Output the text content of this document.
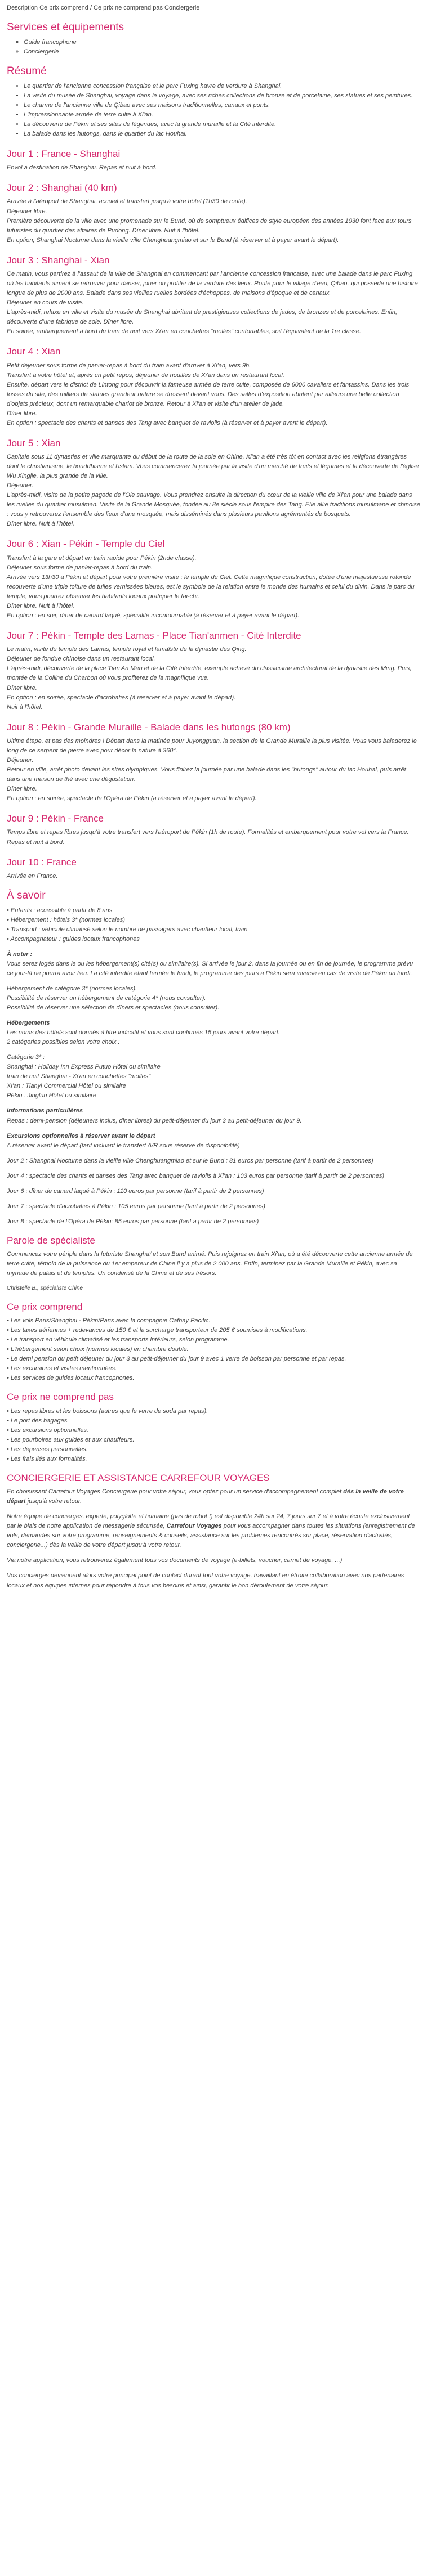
Description Ce prix comprend / Ce prix ne comprend pas Conciergerie
Services et équipements
◦ Guide francophone
◦ Conciergerie
Résumé
• Le quartier de l'ancienne concession française et le parc Fuxing havre de verdure à Shanghai.
• La visite du musée de Shanghai, voyage dans le voyage, avec ses riches collections de bronze et de porcelaine, ses statues et ses peintures.
• Le charme de l'ancienne ville de Qibao avec ses maisons traditionnelles, canaux et ponts.
• L'impressionnante armée de terre cuite à Xi'an.
• La découverte de Pékin et ses sites de légendes, avec la grande muraille et la Cité interdite.
• La balade dans les hutongs, dans le quartier du lac Houhai.
Jour 1 : France - Shanghai
Envol à destination de Shanghai. Repas et nuit à bord.
Jour 2 : Shanghai (40 km)
Arrivée à l'aéroport de Shanghai, accueil et transfert jusqu'à votre hôtel (1h30 de route).
Déjeuner libre.
Première découverte de la ville avec une promenade sur le Bund, où de somptueux édifices de style européen des années 1930 font face aux tours futuristes du quartier des affaires de Pudong. Dîner libre. Nuit à l'hôtel.
En option, Shanghai Nocturne dans la vieille ville Chenghuangmiao et sur le Bund (à réserver et à payer avant le départ).
Jour 3 : Shanghai - Xian
Ce matin, vous partirez à l'assaut de la ville de Shanghai en commençant par l'ancienne concession française, avec une balade dans le parc Fuxing où les habitants aiment se retrouver pour danser, jouer ou profiter de la verdure des lieux. Route pour le village d'eau, Qibao, qui possède une histoire longue de plus de 2000 ans. Balade dans ses vieilles ruelles bordées d'échoppes, de maisons d'époque et de canaux.
Déjeuner en cours de visite.
L'après-midi, relaxe en ville et visite du musée de Shanghai abritant de prestigieuses collections de jades, de bronzes et de porcelaines. Enfin, découverte d'une fabrique de soie. Dîner libre.
En soirée, embarquement à bord du train de nuit vers Xi'an en couchettes "molles" confortables, soit l'équivalent de la 1re classe.
Jour 4 : Xian
Petit déjeuner sous forme de panier-repas à bord du train avant d'arriver à Xi'an, vers 9h.
Transfert à votre hôtel et, après un petit repos, déjeuner de nouilles de Xi'an dans un restaurant local.
Ensuite, départ vers le district de Lintong pour découvrir la fameuse armée de terre cuite, composée de 6000 cavaliers et fantassins. Dans les trois fosses du site, des milliers de statues grandeur nature se dressent devant vous. Des salles d'exposition abritent par ailleurs une belle collection d'objets précieux, dont un remarquable chariot de bronze. Retour à Xi'an et visite d'un atelier de jade.
Dîner libre.
En option : spectacle des chants et danses des Tang avec banquet de raviolis (à réserver et à payer avant le départ).
Jour 5 : Xian
Capitale sous 11 dynasties et ville marquante du début de la route de la soie en Chine, Xi'an a été très tôt en contact avec les religions étrangères dont le christianisme, le bouddhisme et l'islam. Vous commencerez la journée par la visite d'un marché de fruits et légumes et la découverte de l'église Wu Xingjie, la plus grande de la ville.
Déjeuner.
L'après-midi, visite de la petite pagode de l'Oie sauvage. Vous prendrez ensuite la direction du cœur de la vieille ville de Xi'an pour une balade dans les ruelles du quartier musulman. Visite de la Grande Mosquée, fondée au 8e siècle sous l'empire des Tang. Elle allie traditions musulmane et chinoise : vous y retrouverez l'ensemble des lieux d'une mosquée, mais disséminés dans plusieurs pavillons agrémentés de bosquets.
Dîner libre. Nuit à l'hôtel.
Jour 6 : Xian - Pékin - Temple du Ciel
Transfert à la gare et départ en train rapide pour Pékin (2nde classe).
Déjeuner sous forme de panier-repas à bord du train.
Arrivée vers 13h30 à Pékin et départ pour votre première visite : le temple du Ciel. Cette magnifique construction, dotée d'une majestueuse rotonde recouverte d'une triple toiture de tuiles vernissées bleues, est le symbole de la relation entre le monde des humains et celui du divin. Dans le parc du temple, vous pourrez observer les habitants locaux pratiquer le tai-chi.
Dîner libre. Nuit à l'hôtel.
En option : en soir, dîner de canard laqué, spécialité incontournable (à réserver et à payer avant le départ).
Jour 7 : Pékin - Temple des Lamas - Place Tian'anmen - Cité Interdite
Le matin, visite du temple des Lamas, temple royal et lamaïste de la dynastie des Qing.
Déjeuner de fondue chinoise dans un restaurant local.
L'après-midi, découverte de la place Tian'An Men et de la Cité Interdite, exemple achevé du classicisme architectural de la dynastie des Ming. Puis, montée de la Colline du Charbon où vous profiterez de la magnifique vue.
Dîner libre.
En option : en soirée, spectacle d'acrobaties (à réserver et à payer avant le départ).
Nuit à l'hôtel.
Jour 8 : Pékin - Grande Muraille - Balade dans les hutongs (80 km)
Ultime étape, et pas des moindres ! Départ dans la matinée pour Juyongguan, la section de la Grande Muraille la plus visitée. Vous vous baladerez le long de ce serpent de pierre avec pour décor la nature à 360°.
Déjeuner.
Retour en ville, arrêt photo devant les sites olympiques. Vous finirez la journée par une balade dans les "hutongs" autour du lac Houhai, puis arrêt dans une maison de thé avec une dégustation.
Dîner libre.
En option : en soirée, spectacle de l'Opéra de Pékin (à réserver et à payer avant le départ).
Jour 9 : Pékin - France
Temps libre et repas libres jusqu'à votre transfert vers l'aéroport de Pékin (1h de route). Formalités et embarquement pour votre vol vers la France. Repas et nuit à bord.
Jour 10 : France
Arrivée en France.
À savoir
• Enfants : accessible à partir de 8 ans
• Hébergement : hôtels 3* (normes locales)
• Transport : véhicule climatisé selon le nombre de passagers avec chauffeur local, train
• Accompagnateur : guides locaux francophones
À noter :
Vous serez logés dans le ou les hébergement(s) cité(s) ou similaire(s). Si arrivée le jour 2, dans la journée ou en fin de journée, le programme prévu ce jour-là ne pourra avoir lieu. La cité interdite étant fermée le lundi, le programme des jours à Pékin sera inversé en cas de visite de Pékin un lundi.
Hébergement de catégorie 3* (normes locales).
Possibilité de réserver un hébergement de catégorie 4* (nous consulter).
Possibilité de réserver une sélection de dîners et spectacles (nous consulter).
Hébergements
Les noms des hôtels sont donnés à titre indicatif et vous sont confirmés 15 jours avant votre départ.
2 catégories possibles selon votre choix :
Catégorie 3* :
Shanghai : Holiday Inn Express Putuo Hôtel ou similaire
train de nuit Shanghai - Xi'an en couchettes "molles"
Xi'an : Tianyi Commercial Hôtel ou similaire
Pékin : Jinglun Hôtel ou similaire
Informations particulières
Repas : demi-pension (déjeuners inclus, dîner libres) du petit-déjeuner du jour 3 au petit-déjeuner du jour 9.
Excursions optionnelles à réserver avant le départ
A réserver avant le départ (tarif incluant le transfert A/R sous réserve de disponibilité)
Jour 2 : Shanghai Nocturne dans la vieille ville Chenghuangmiao et sur le Bund : 81 euros par personne (tarif à partir de 2 personnes)
Jour 4 : spectacle des chants et danses des Tang avec banquet de raviolis à Xi'an : 103 euros par personne (tarif à partir de 2 personnes)
Jour 6 : dîner de canard laqué à Pékin : 110 euros par personne (tarif à partir de 2 personnes)
Jour 7 : spectacle d'acrobaties à Pékin : 105 euros par personne (tarif à partir de 2 personnes)
Jour 8 : spectacle de l'Opéra de Pékin: 85 euros par personne (tarif à partir de 2 personnes)
Parole de spécialiste
Commencez votre périple dans la futuriste Shanghaï et son Bund animé. Puis rejoignez en train Xi'an, où a été découverte cette ancienne armée de terre cuite, témoin de la puissance du 1er empereur de Chine il y a plus de 2 000 ans. Enfin, terminez par la Grande Muraille et Pékin, avec sa myriade de palais et de temples. Un condensé de la Chine et de ses trésors.
Christelle B., spécialiste Chine
Ce prix comprend
• Les vols Paris/Shanghai - Pékin/Paris avec la compagnie Cathay Pacific.
• Les taxes aériennes + redevances de 150 € et la surcharge transporteur de 205 € soumises à modifications.
• Le transport en véhicule climatisé et les transports intérieurs, selon programme.
• L'hébergement selon choix (normes locales) en chambre double.
• Le demi pension du petit déjeuner du jour 3 au petit-déjeuner du jour 9 avec 1 verre de boisson par personne et par repas.
• Les excursions et visites mentionnées.
• Les services de guides locaux francophones.
Ce prix ne comprend pas
• Les repas libres et les boissons (autres que le verre de soda par repas).
• Le port des bagages.
• Les excursions optionnelles.
• Les pourboires aux guides et aux chauffeurs.
• Les dépenses personnelles.
• Les frais liés aux formalités.
CONCIERGERIE ET ASSISTANCE CARREFOUR VOYAGES

En choisissant Carrefour Voyages Conciergerie pour votre séjour, vous optez pour un service d'accompagnement complet dès la veille de votre départ jusqu'à votre retour.

Notre équipe de concierges, experte, polyglotte et humaine (pas de robot !) est disponible 24h sur 24, 7 jours sur 7 et à votre écoute exclusivement par le biais de notre application de messagerie sécurisée, Carrefour Voyages pour vous accompagner dans toutes les situations (enregistrement de vols, demandes sur votre programme, renseignements & conseils, assistance sur les problèmes rencontrés sur place, réservation d'activités, conciergerie...) dès la veille de votre départ jusqu'à votre retour.

Via notre application, vous retrouverez également tous vos documents de voyage (e-billets, voucher, carnet de voyage, ...)

Vos concierges deviennent alors votre principal point de contact durant tout votre voyage, travaillant en étroite collaboration avec nos partenaires locaux et nos équipes internes pour répondre à tous vos besoins et ainsi, garantir le bon déroulement de votre séjour.
